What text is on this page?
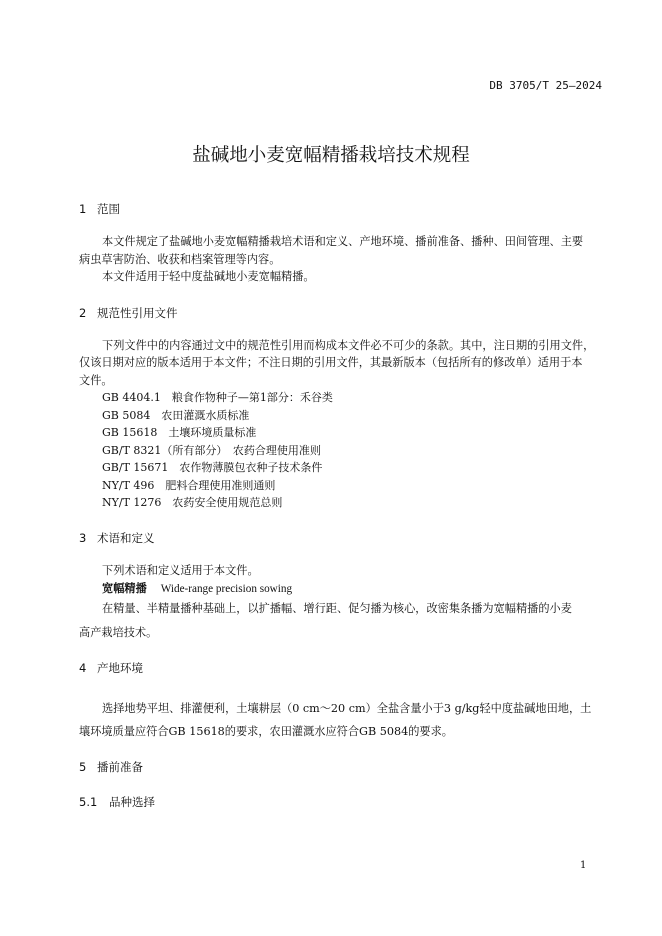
DB 3705/T 25—2024
盐碱地小麦宽幅精播栽培技术规程
1 范围
本文件规定了盐碱地小麦宽幅精播栽培术语和定义、产地环境、播前准备、播种、田间管理、主要
病虫草害防治、收获和档案管理等内容。
本文件适用于轻中度盐碱地小麦宽幅精播。
2 规范性引用文件
下列文件中的内容通过文中的规范性引用而构成本文件必不可少的条款。其中，注日期的引用文件，
仅该日期对应的版本适用于本文件；不注日期的引用文件，其最新版本（包括所有的修改单）适用于本
文件。
GB 4404.1　粮食作物种子—第1部分：禾谷类
GB 5084　农田灌溉水质标准
GB 15618　土壤环境质量标准
GB/T 8321（所有部分）　农药合理使用准则
GB/T 15671　农作物薄膜包衣种子技术条件
NY/T 496　肥料合理使用准则通则
NY/T 1276　农药安全使用规范总则
3 术语和定义
下列术语和定义适用于本文件。
宽幅精播 Wide-range precision sowing
在精量、半精量播种基础上，以扩播幅、增行距、促匀播为核心，改密集条播为宽幅精播的小麦
高产栽培技术。
4 产地环境
选择地势平坦、排灌便利，土壤耕层（0 cm～20 cm）全盐含量小于3 g/kg轻中度盐碱地田地，土
壤环境质量应符合GB 15618的要求，农田灌溉水应符合GB 5084的要求。
5 播前准备
5.1 品种选择
1
